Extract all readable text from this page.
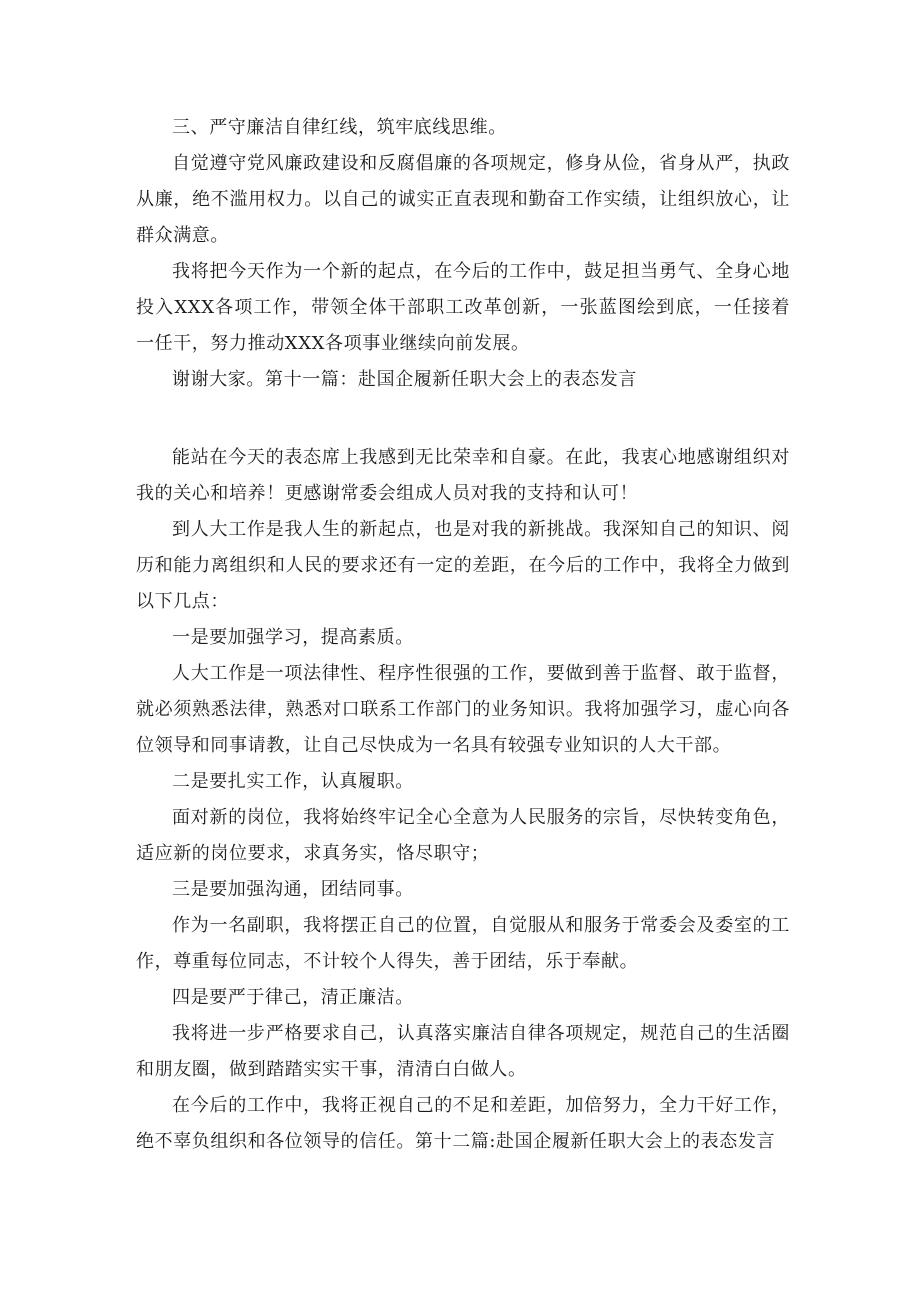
三、严守廉洁自律红线，筑牢底线思维。

自觉遵守党风廉政建设和反腐倡廉的各项规定，修身从俭，省身从严，执政从廉，绝不滥用权力。以自己的诚实正直表现和勤奋工作实绩，让组织放心，让群众满意。

我将把今天作为一个新的起点，在今后的工作中，鼓足担当勇气、全身心地投入XXX各项工作，带领全体干部职工改革创新，一张蓝图绘到底，一任接着一任干，努力推动XXX各项事业继续向前发展。

谢谢大家。第十一篇：赴国企履新任职大会上的表态发言

能站在今天的表态席上我感到无比荣幸和自豪。在此，我衷心地感谢组织对我的关心和培养！更感谢常委会组成人员对我的支持和认可！

到人大工作是我人生的新起点，也是对我的新挑战。我深知自己的知识、阅历和能力离组织和人民的要求还有一定的差距，在今后的工作中，我将全力做到以下几点：

一是要加强学习，提高素质。

人大工作是一项法律性、程序性很强的工作，要做到善于监督、敢于监督，就必须熟悉法律，熟悉对口联系工作部门的业务知识。我将加强学习，虚心向各位领导和同事请教，让自己尽快成为一名具有较强专业知识的人大干部。

二是要扎实工作，认真履职。

面对新的岗位，我将始终牢记全心全意为人民服务的宗旨，尽快转变角色，适应新的岗位要求，求真务实，恪尽职守；

三是要加强沟通，团结同事。

作为一名副职，我将摆正自己的位置，自觉服从和服务于常委会及委室的工作，尊重每位同志，不计较个人得失，善于团结，乐于奉献。

四是要严于律己，清正廉洁。

我将进一步严格要求自己，认真落实廉洁自律各项规定，规范自己的生活圈和朋友圈，做到踏踏实实干事，清清白白做人。

在今后的工作中，我将正视自己的不足和差距，加倍努力，全力干好工作，绝不辜负组织和各位领导的信任。第十二篇:赴国企履新任职大会上的表态发言
